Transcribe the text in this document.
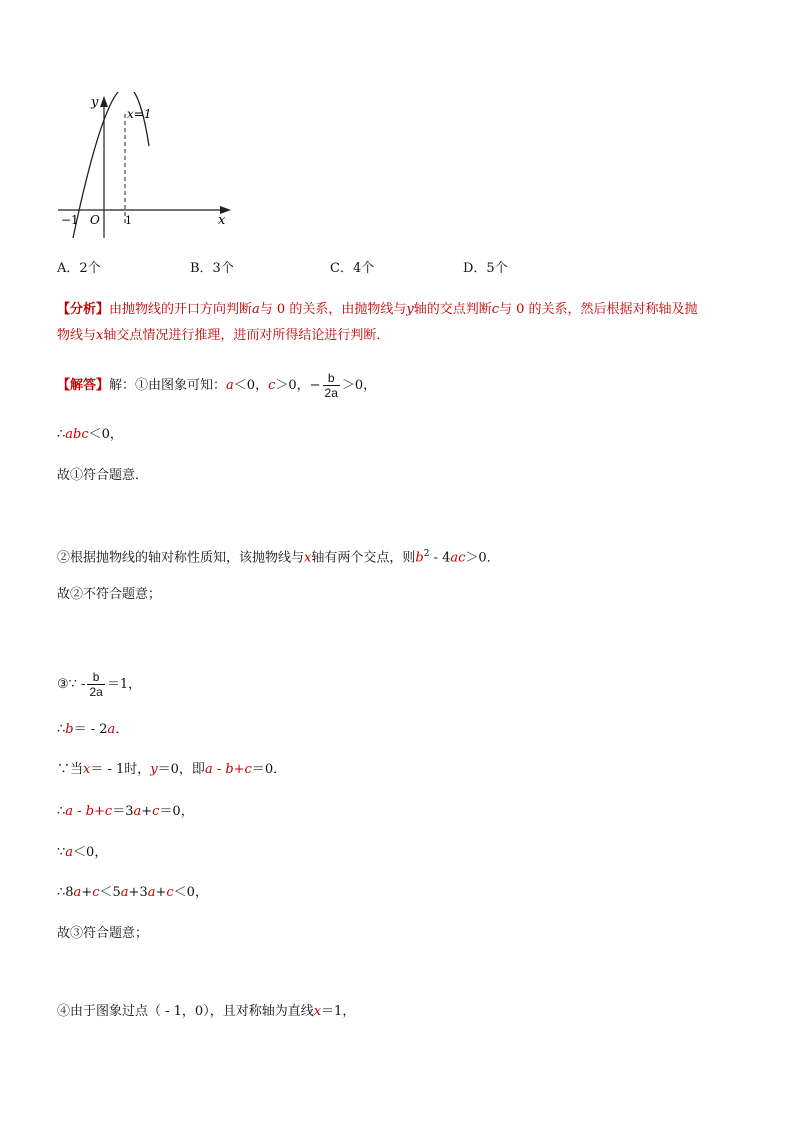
y
x
O
−1	1
x=1
A．2个	B．3个	C．4个	D．5个
【分析】由抛物线的开口方向判断a与 0 的关系，由抛物线与y轴的交点判断c与 0 的关系，然后根据对称轴及抛
物线与x轴交点情况进行推理，进而对所得结论进行判断．
【解答】解：①由图象可知：a＜0，c＞0，− $\frac{b}{2a} >0$，
∴abc＜0，
故①符合题意．
②根据抛物线的轴对称性质知，该抛物线与x轴有两个交点，则$b^2 - 4ac>0$．
故②不符合题意；
③∵ - $\frac{b}{2a} =1$，
∴b＝ - 2a．
∵当x＝ - 1时，y＝0，即a - b+c＝0．
∴a - b+c＝3a+c＝0，
∵a＜0，
∴8a+c＜5a+3a+c＜0，
故③符合题意；
④由于图象过点（ - 1，0），且对称轴为直线x＝1，
